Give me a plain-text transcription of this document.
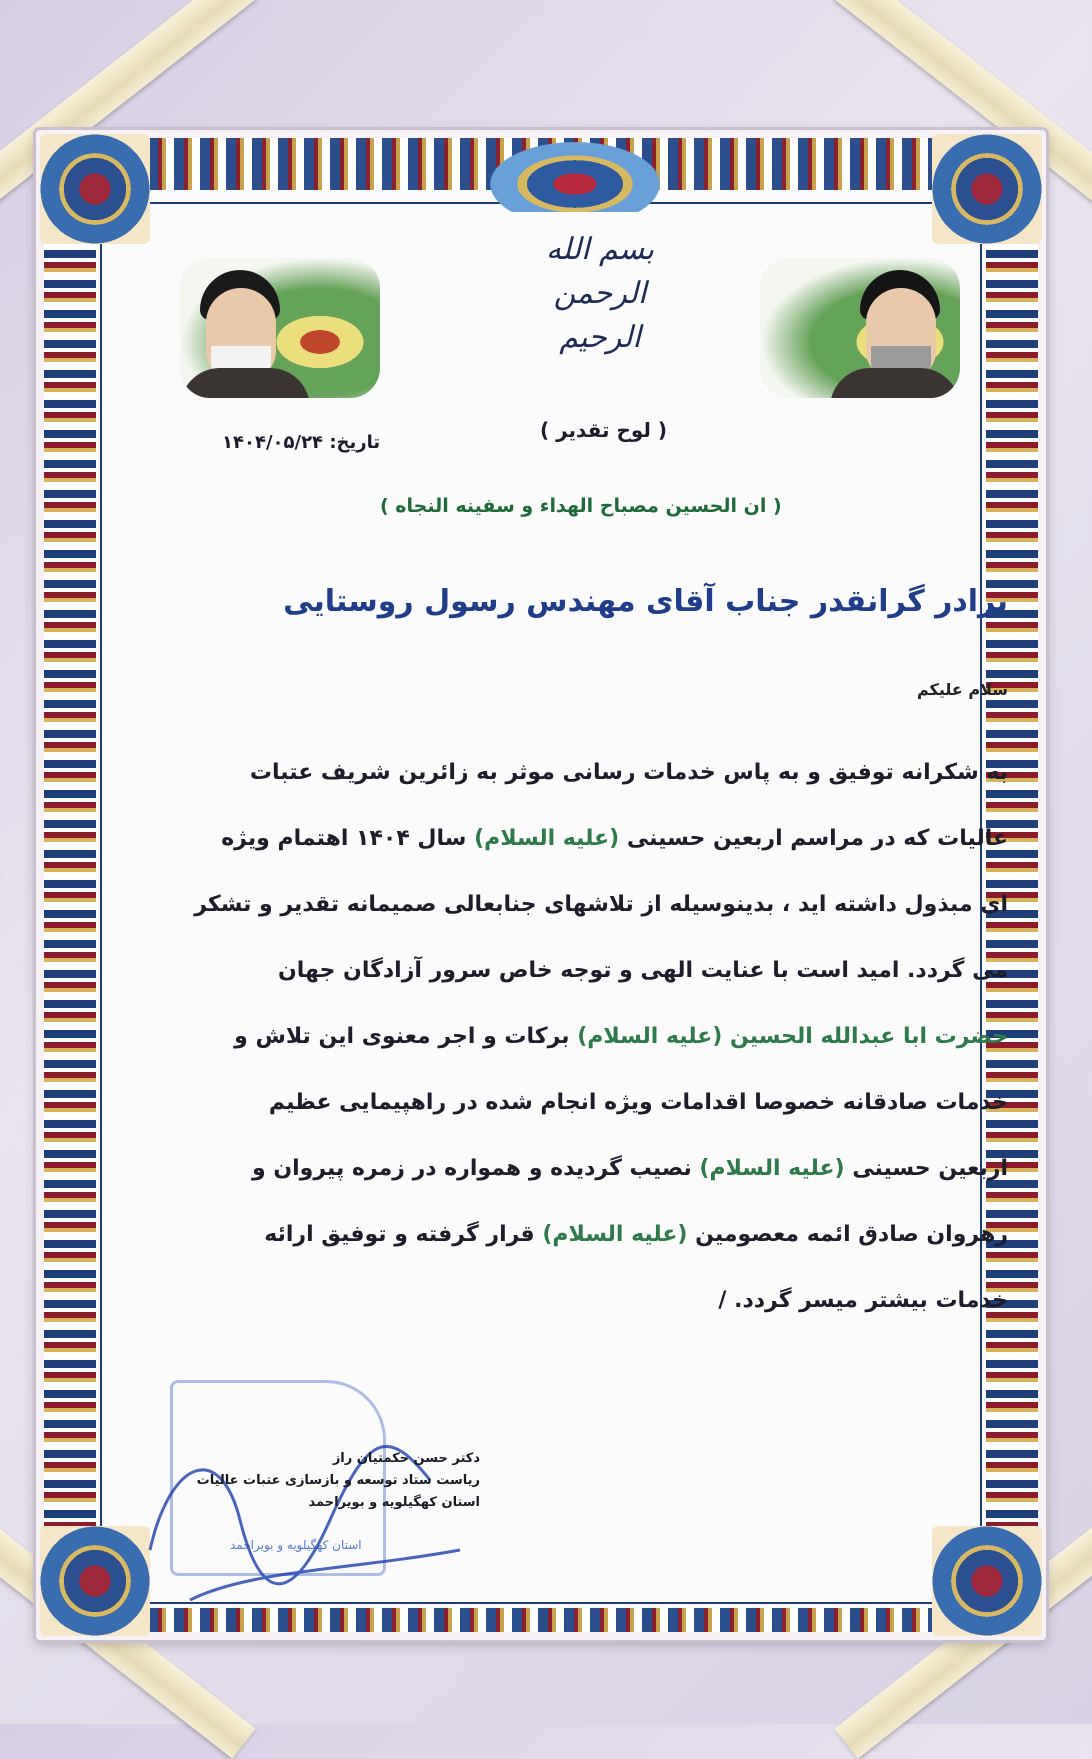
بسم الله الرحمن الرحیم
( لوح تقدیر )
تاریخ: ۱۴۰۴/۰۵/۲۴
( ان الحسین مصباح الهداء و سفینه النجاه )
برادر گرانقدر جناب آقای مهندس رسول روستایی
سلام علیکم
به شکرانه توفیق و به پاس خدمات رسانی موثر به زائرین شریف عتبات
عالیات که در مراسم اربعین حسینی (علیه السلام) سال ۱۴۰۴ اهتمام ویژه
ای مبذول داشته اید ، بدینوسیله از تلاشهای جنابعالی صمیمانه تقدیر و تشکر
می گردد. امید است با عنایت الهی و توجه خاص سرور آزادگان جهان
حضرت ابا عبدالله الحسین (علیه السلام) برکات و اجر معنوی این تلاش و
خدمات صادقانه خصوصا اقدامات ویژه انجام شده در راهپیمایی عظیم
اربعین حسینی (علیه السلام) نصیب گردیده و همواره در زمره پیروان و
رهروان صادق ائمه معصومین (علیه السلام) قرار گرفته و توفیق ارائه
خدمات بیشتر میسر گردد. /
استان کهگیلویه و بویراحمد
دکتر حسن حکمتیان راز
ریاست ستاد توسعه و بازسازی عتبات عالیات
استان کهگیلویه و بویراحمد
